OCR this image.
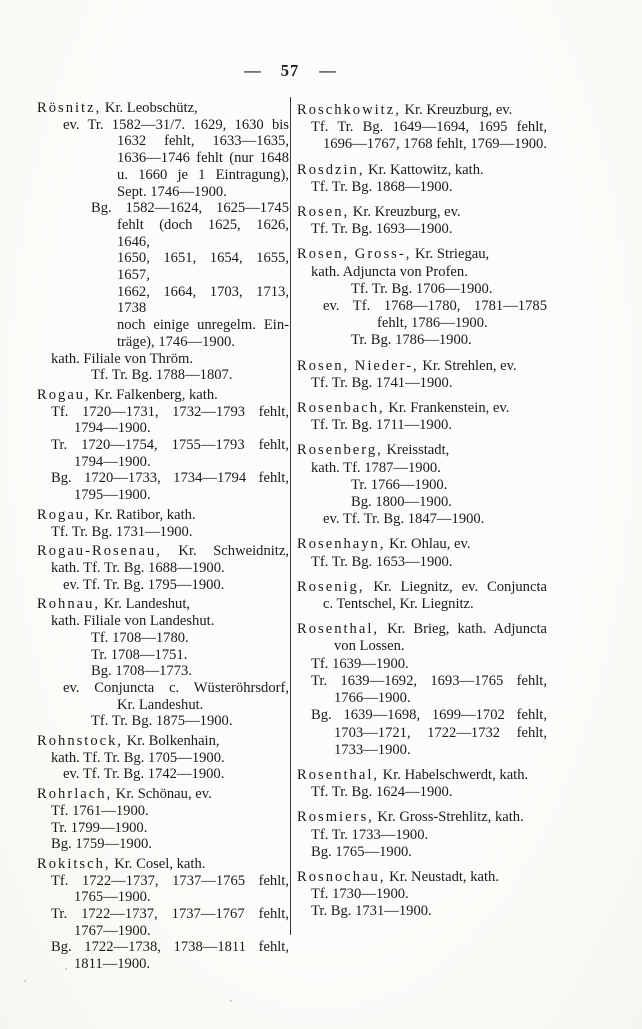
— 57 —
Rösnitz, Kr. Leobschütz,
ev. Tr. 1582—31/7. 1629, 1630 bis
1632 fehlt, 1633—1635,
1636—1746 fehlt (nur 1648
u. 1660 je 1 Eintragung),
Sept. 1746—1900.
Bg. 1582—1624, 1625—1745
fehlt (doch 1625, 1626, 1646,
1650, 1651, 1654, 1655, 1657,
1662, 1664, 1703, 1713, 1738
noch einige unregelm. Ein-
träge), 1746—1900.
kath. Filiale von Thröm.
Tf. Tr. Bg. 1788—1807.
Rogau, Kr. Falkenberg, kath.
Tf. 1720—1731, 1732—1793 fehlt,
1794—1900.
Tr. 1720—1754, 1755—1793 fehlt,
1794—1900.
Bg. 1720—1733, 1734—1794 fehlt,
1795—1900.
Rogau, Kr. Ratibor, kath.
Tf. Tr. Bg. 1731—1900.
Rogau-Rosenau, Kr. Schweidnitz,
kath. Tf. Tr. Bg. 1688—1900.
ev. Tf. Tr. Bg. 1795—1900.
Rohnau, Kr. Landeshut,
kath. Filiale von Landeshut.
Tf. 1708—1780.
Tr. 1708—1751.
Bg. 1708—1773.
ev. Conjuncta c. Wüsteröhrsdorf,
Kr. Landeshut.
Tf. Tr. Bg. 1875—1900.
Rohnstock, Kr. Bolkenhain,
kath. Tf. Tr. Bg. 1705—1900.
ev. Tf. Tr. Bg. 1742—1900.
Rohrlach, Kr. Schönau, ev.
Tf. 1761—1900.
Tr. 1799—1900.
Bg. 1759—1900.
Rokitsch, Kr. Cosel, kath.
Tf. 1722—1737, 1737—1765 fehlt,
1765—1900.
Tr. 1722—1737, 1737—1767 fehlt,
1767—1900.
Bg. 1722—1738, 1738—1811 fehlt,
1811—1900.
Roschkowitz, Kr. Kreuzburg, ev.
Tf. Tr. Bg. 1649—1694, 1695 fehlt,
1696—1767, 1768 fehlt, 1769—1900.
Rosdzin, Kr. Kattowitz, kath.
Tf. Tr. Bg. 1868—1900.
Rosen, Kr. Kreuzburg, ev.
Tf. Tr. Bg. 1693—1900.
Rosen, Gross-, Kr. Striegau,
kath. Adjuncta von Profen.
Tf. Tr. Bg. 1706—1900.
ev. Tf. 1768—1780, 1781—1785
fehlt, 1786—1900.
Tr. Bg. 1786—1900.
Rosen, Nieder-, Kr. Strehlen, ev.
Tf. Tr. Bg. 1741—1900.
Rosenbach, Kr. Frankenstein, ev.
Tf. Tr. Bg. 1711—1900.
Rosenberg, Kreisstadt,
kath. Tf. 1787—1900.
Tr. 1766—1900.
Bg. 1800—1900.
ev. Tf. Tr. Bg. 1847—1900.
Rosenhayn, Kr. Ohlau, ev.
Tf. Tr. Bg. 1653—1900.
Rosenig, Kr. Liegnitz, ev. Conjuncta
c. Tentschel, Kr. Liegnitz.
Rosenthal, Kr. Brieg, kath. Adjuncta
von Lossen.
Tf. 1639—1900.
Tr. 1639—1692, 1693—1765 fehlt,
1766—1900.
Bg. 1639—1698, 1699—1702 fehlt,
1703—1721, 1722—1732 fehlt,
1733—1900.
Rosenthal, Kr. Habelschwerdt, kath.
Tf. Tr. Bg. 1624—1900.
Rosmiers, Kr. Gross-Strehlitz, kath.
Tf. Tr. 1733—1900.
Bg. 1765—1900.
Rosnochau, Kr. Neustadt, kath.
Tf. 1730—1900.
Tr. Bg. 1731—1900.
